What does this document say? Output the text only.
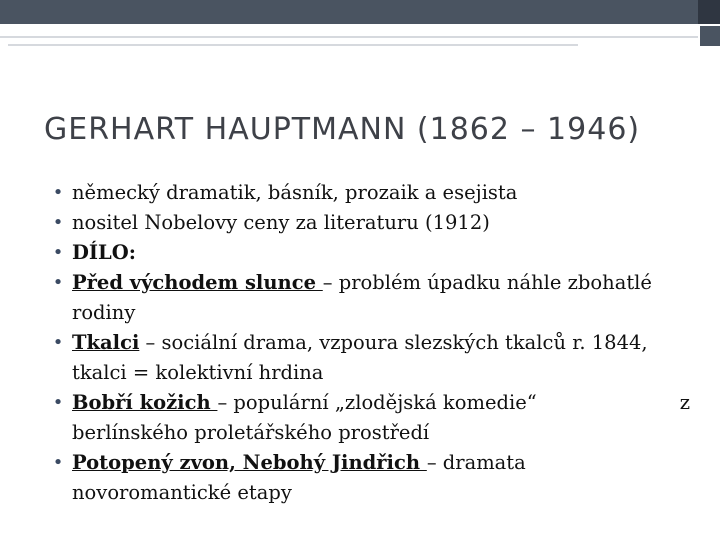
GERHART HAUPTMANN (1862 – 1946)
• německý dramatik, básník, prozaik a esejista
• nositel Nobelovy ceny za literaturu (1912)
• DÍLO:
• Před východem slunce – problém úpadku náhle zbohatlé rodiny
• Tkalci – sociální drama, vzpoura slezských tkalců r. 1844, tkalci = kolektivní hrdina
• Bobří kožich – populární „zlodějská komedie“	z

berlínského proletářského prostředí
• Potopený zvon, Nebohý Jindřich – dramata novoromantické etapy
